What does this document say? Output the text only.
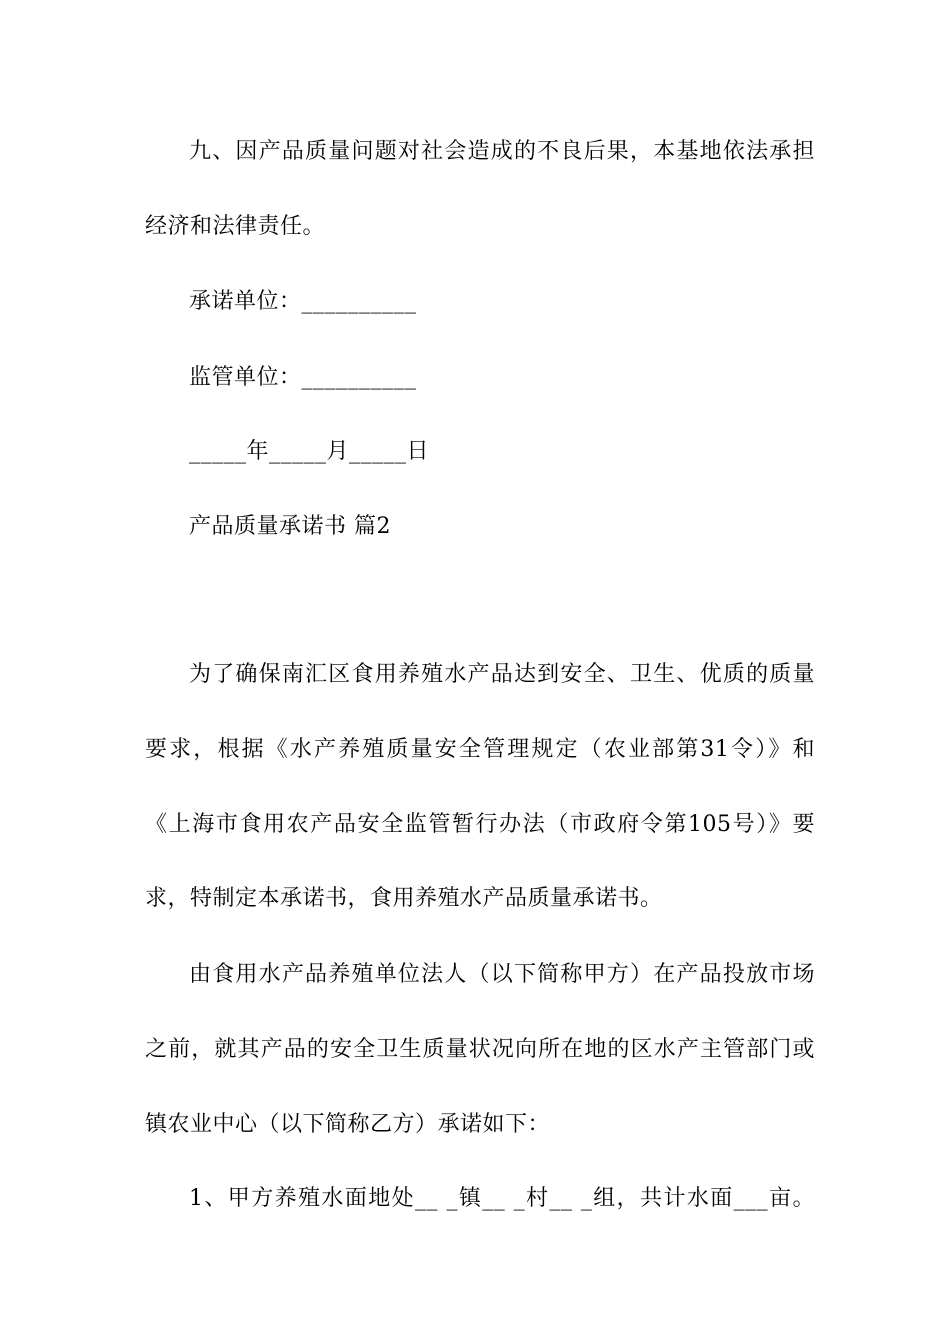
九、因产品质量问题对社会造成的不良后果，本基地依法承担
经济和法律责任。
承诺单位：__________
监管单位：__________
_____年_____月_____日
产品质量承诺书 篇2
为了确保南汇区食用养殖水产品达到安全、卫生、优质的质量
要求，根据《水产养殖质量安全管理规定（农业部第31令）》和
《上海市食用农产品安全监管暂行办法（市政府令第105号）》要
求，特制定本承诺书，食用养殖水产品质量承诺书。
由食用水产品养殖单位法人（以下简称甲方）在产品投放市场
之前，就其产品的安全卫生质量状况向所在地的区水产主管部门或
镇农业中心（以下简称乙方）承诺如下：
1、甲方养殖水面地处__ _镇__ _村__ _组，共计水面___亩。
